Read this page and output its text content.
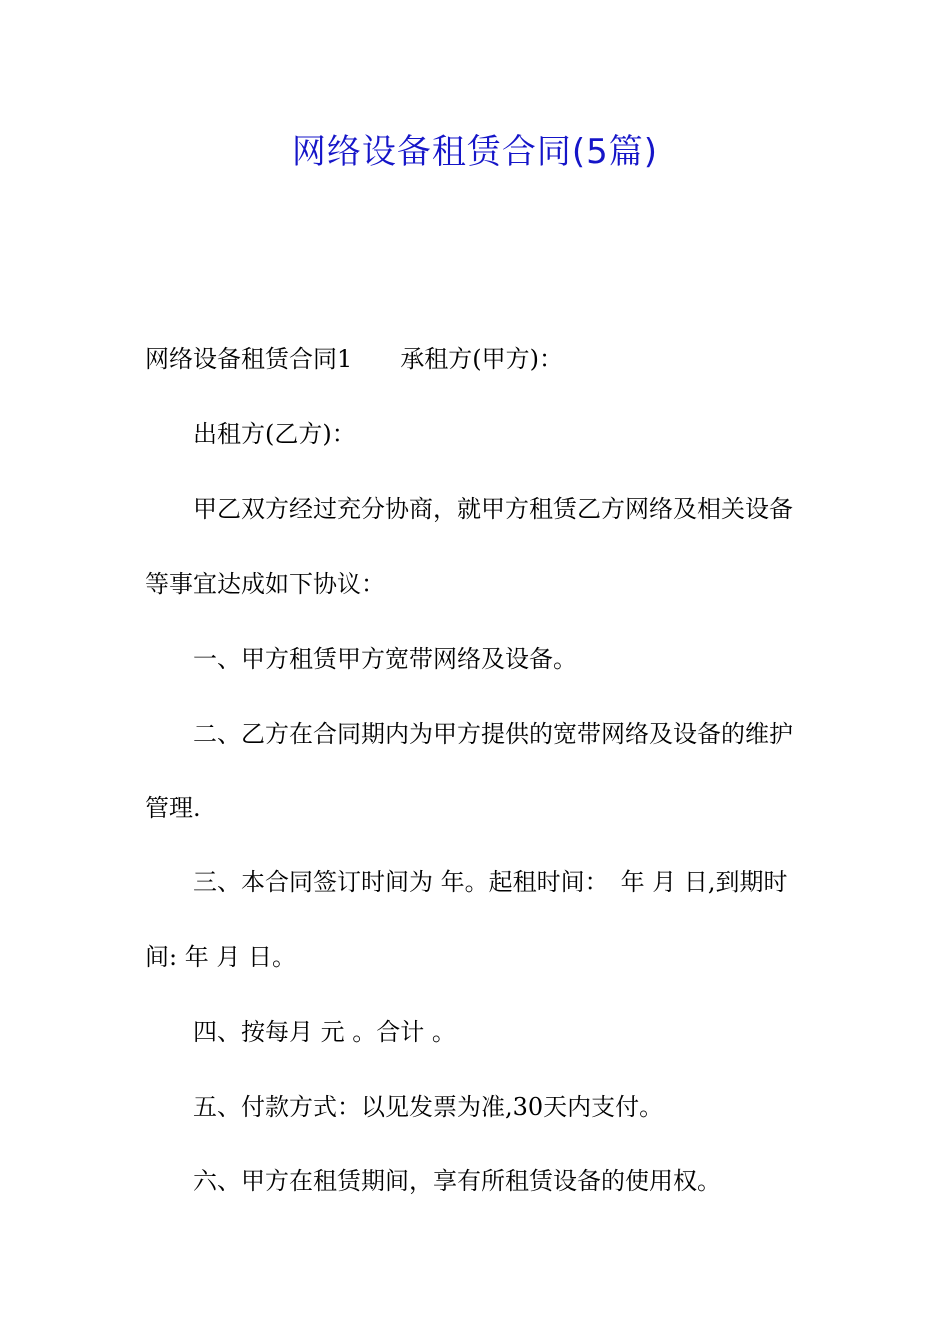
网络设备租赁合同(5篇)

网络设备租赁合同1　　承租方(甲方)：

出租方(乙方)：

甲乙双方经过充分协商，就甲方租赁乙方网络及相关设备

等事宜达成如下协议：

一、甲方租赁甲方宽带网络及设备。

二、乙方在合同期内为甲方提供的宽带网络及设备的维护

管理.

三、本合同签订时间为 年。起租时间：　年 月 日,到期时

间: 年 月 日。

四、按每月 元 。合计 。

五、付款方式：以见发票为准,30天内支付。

六、甲方在租赁期间，享有所租赁设备的使用权。
